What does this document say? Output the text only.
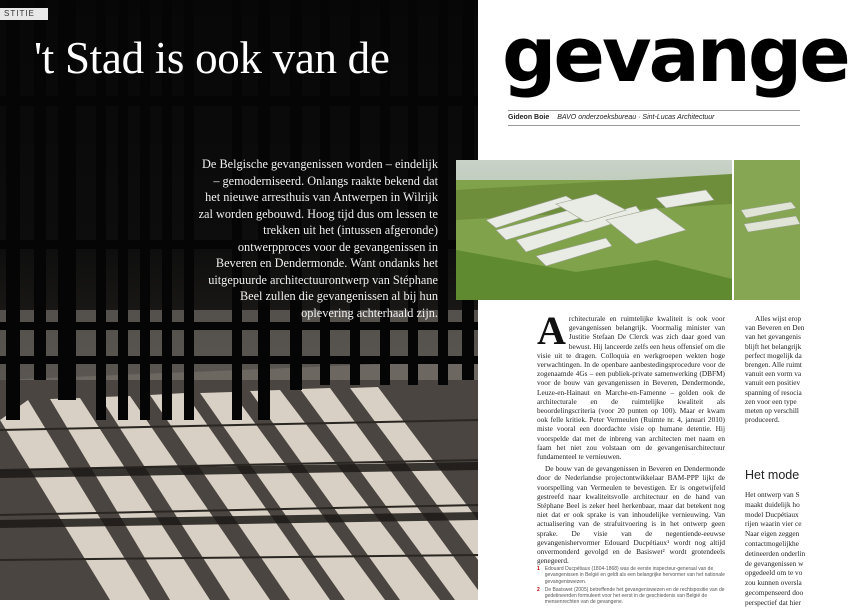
STITIE
't Stad is ook van de
De Belgische gevangenissen worden – eindelijk – gemoderniseerd. Onlangs raakte bekend dat het nieuwe arresthuis van Antwerpen in Wilrijk zal worden gebouwd. Hoog tijd dus om lessen te trekken uit het (intussen afgeronde) ontwerpproces voor de gevangenissen in Beveren en Dendermonde. Want ondanks het uitgepuurde architectuurontwerp van Stéphane Beel zullen die gevangenissen al bij hun oplevering achterhaald zijn.
gevange
Gideon Boie BAVO onderzoeksbureau · Sint-Lucas Architectuur

A rchitecturale en ruimtelijke kwaliteit is ook voor gevangenissen belangrijk. Voormalig minister van Justitie Stefaan De Clerck was zich daar goed van bewust. Hij lanceerde zelfs een heus offensief om die visie uit te dragen. Colloquia en werkgroepen wekten hoge verwachtingen. In de openbare aanbestedingsprocedure voor de zogenaamde 4Gs – een publiek-private samenwerking (DBFM) voor de bouw van gevangenissen in Beveren, Dendermonde, Leuze-en-Hainaut en Marche-en-Famenne – golden ook de architecturale en de ruimtelijke kwaliteit als beoordelingscriteria (voor 20 punten op 100). Maar er kwam ook felle kritiek. Peter Vermeulen (Ruimte nr. 4, januari 2010) miste vooral een doordachte visie op humane detentie. Hij voorspelde dat met de inbreng van architecten met naam en faam het niet zou volstaan om de gevangenisarchitectuur fundamenteel te vernieuwen.

De bouw van de gevangenissen in Beveren en Dendermonde door de Nederlandse projectontwikkelaar BAM-PPP lijkt de voorspelling van Vermeulen te bevestigen. Er is ongetwijfeld gestreefd naar kwaliteitsvolle architectuur en de hand van Stéphane Beel is zeker heel herkenbaar, maar dat betekent nog niet dat er ook sprake is van inhoudelijke vernieuwing. Van actualisering van de strafuitvoering is in het ontwerp geen sprake. De visie van de negentiende-eeuwse gevangenishervormer Edouard Ducpétiaux¹ wordt nog altijd onvermonderd gevolgd en de Basiswet² wordt grotendeels genegeerd.

1 Edouard Ducpétiaux (1804-1868) was de eerste inspecteur-generaal van de gevangenissen in België en geldt als een belangrijke hervormer van het nationale gevangeniswezen.
2 De Basiswet (2005) betreffende het gevangeniswezen en de rechtspositie van de gedetineerden formuleert voor het eerst in de geschiedenis van België de mensenrechten van de gevangene.
Alles wijst erop
van Beveren en Den
van het gevangenis
blijft het belangrijk
perfect mogelijk da
brengen. Alle ruimt
vanuit een vorm va
vanuit een positiev
spanning of resocia
zen voor een type
meten op verschill
produceerd.
Het mode
Het ontwerp van S
maakt duidelijk ho
model Ducpétiaux
rijen waarin vier ce
Naar eigen zeggen
contactmogelijkhe
detineerden onderlin
de gevangenissen w
opgedeeld om te vo
zou kunnen oversla
gecompenseerd doo
perspectief dat hier
